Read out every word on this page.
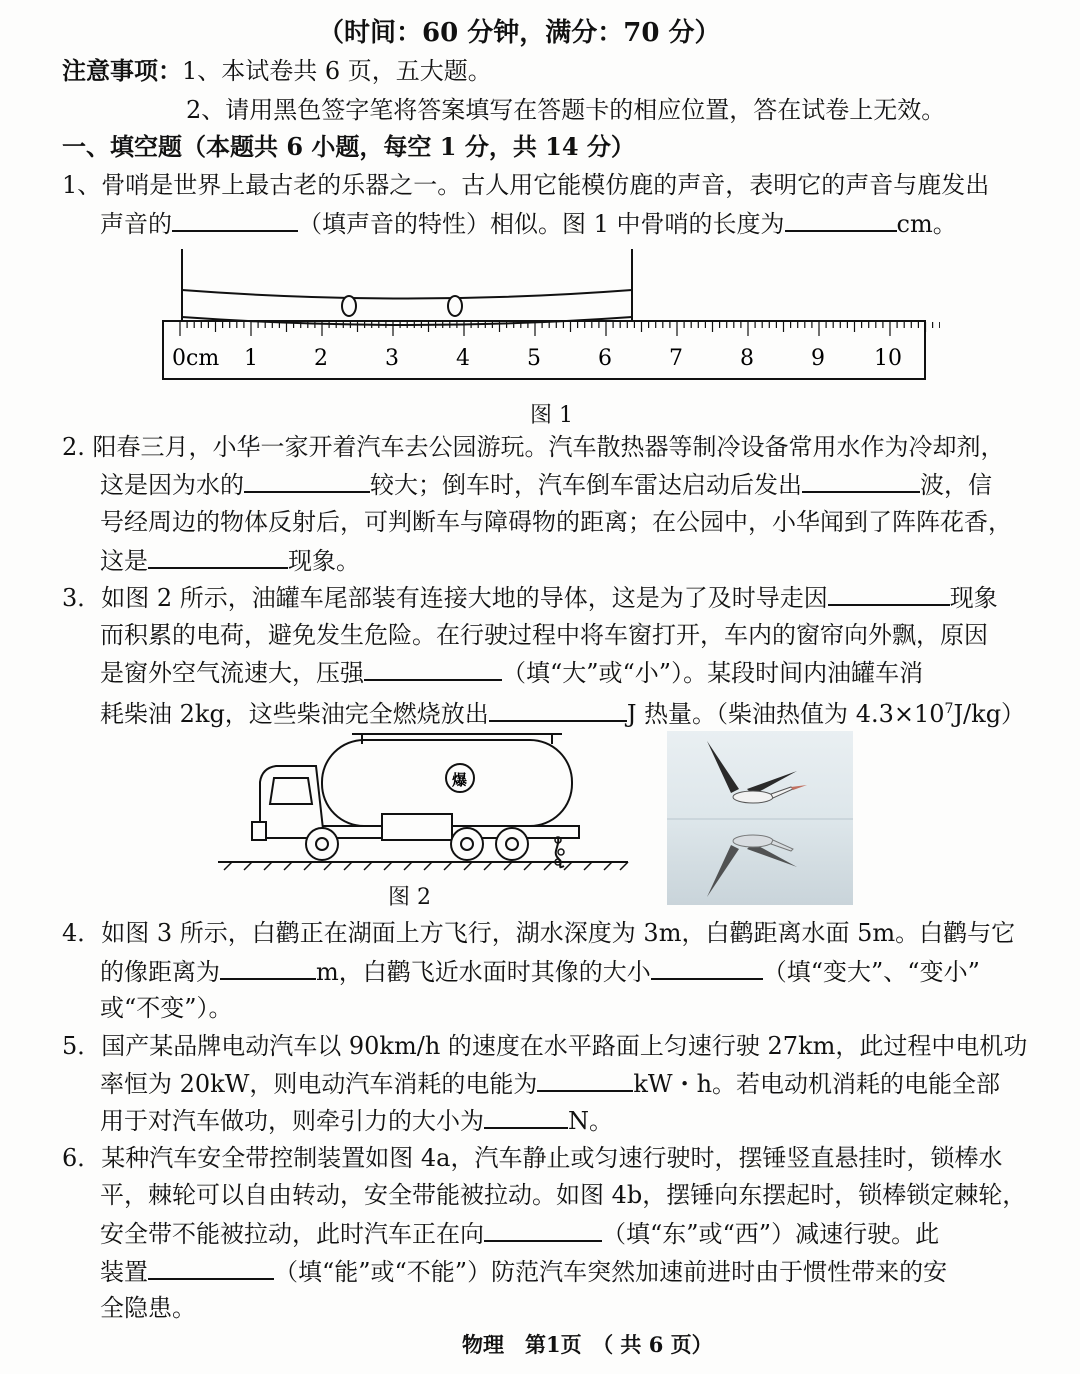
（时间：60 分钟，满分：70 分）
注意事项：1、本试卷共 6 页，五大题。
2、请用黑色签字笔将答案填写在答题卡的相应位置，答在试卷上无效。
一、填空题（本题共 6 小题，每空 1 分，共 14 分）
1、骨哨是世界上最古老的乐器之一。古人用它能模仿鹿的声音，表明它的声音与鹿发出
声音的	（填声音的特性）相似。图 1 中骨哨的长度为	cm。
0cm 1	2	3	4	5	6	7	8	9 10
图 1
2. 阳春三月，小华一家开着汽车去公园游玩。汽车散热器等制冷设备常用水作为冷却剂，
这是因为水的	较大；倒车时，汽车倒车雷达启动后发出	波，信
号经周边的物体反射后，可判断车与障碍物的距离；在公园中，小华闻到了阵阵花香，
这是	现象。
3．如图 2 所示，油罐车尾部装有连接大地的导体，这是为了及时导走因	现象
而积累的电荷，避免发生危险。在行驶过程中将车窗打开，车内的窗帘向外飘，原因
是窗外空气流速大，压强	（填“大”或“小”）。某段时间内油罐车消
耗柴油 2kg，这些柴油完全燃烧放出	J 热量。（柴油热值为 $4.3\times 10^7J/kg$）
爆
图 2
4．如图 3 所示，白鹳正在湖面上方飞行，湖水深度为 3m，白鹳距离水面 5m。白鹳与它
的像距离为	m，白鹳飞近水面时其像的大小	（填“变大”、“变小”
或“不变”）。
5．国产某品牌电动汽车以 90km/h 的速度在水平路面上匀速行驶 27km，此过程中电机功
率恒为 20kW，则电动汽车消耗的电能为	kW・h。若电动机消耗的电能全部
用于对汽车做功，则牵引力的大小为	N。
6．某种汽车安全带控制装置如图 4a，汽车静止或匀速行驶时，摆锤竖直悬挂时，锁棒水
平，棘轮可以自由转动，安全带能被拉动。如图 4b，摆锤向东摆起时，锁棒锁定棘轮，
安全带不能被拉动，此时汽车正在向	（填“东”或“西”）减速行驶。此
装置	（填“能”或“不能”）防范汽车突然加速前进时由于惯性带来的安
全隐患。
物理　第1页　（ 共 6 页）
